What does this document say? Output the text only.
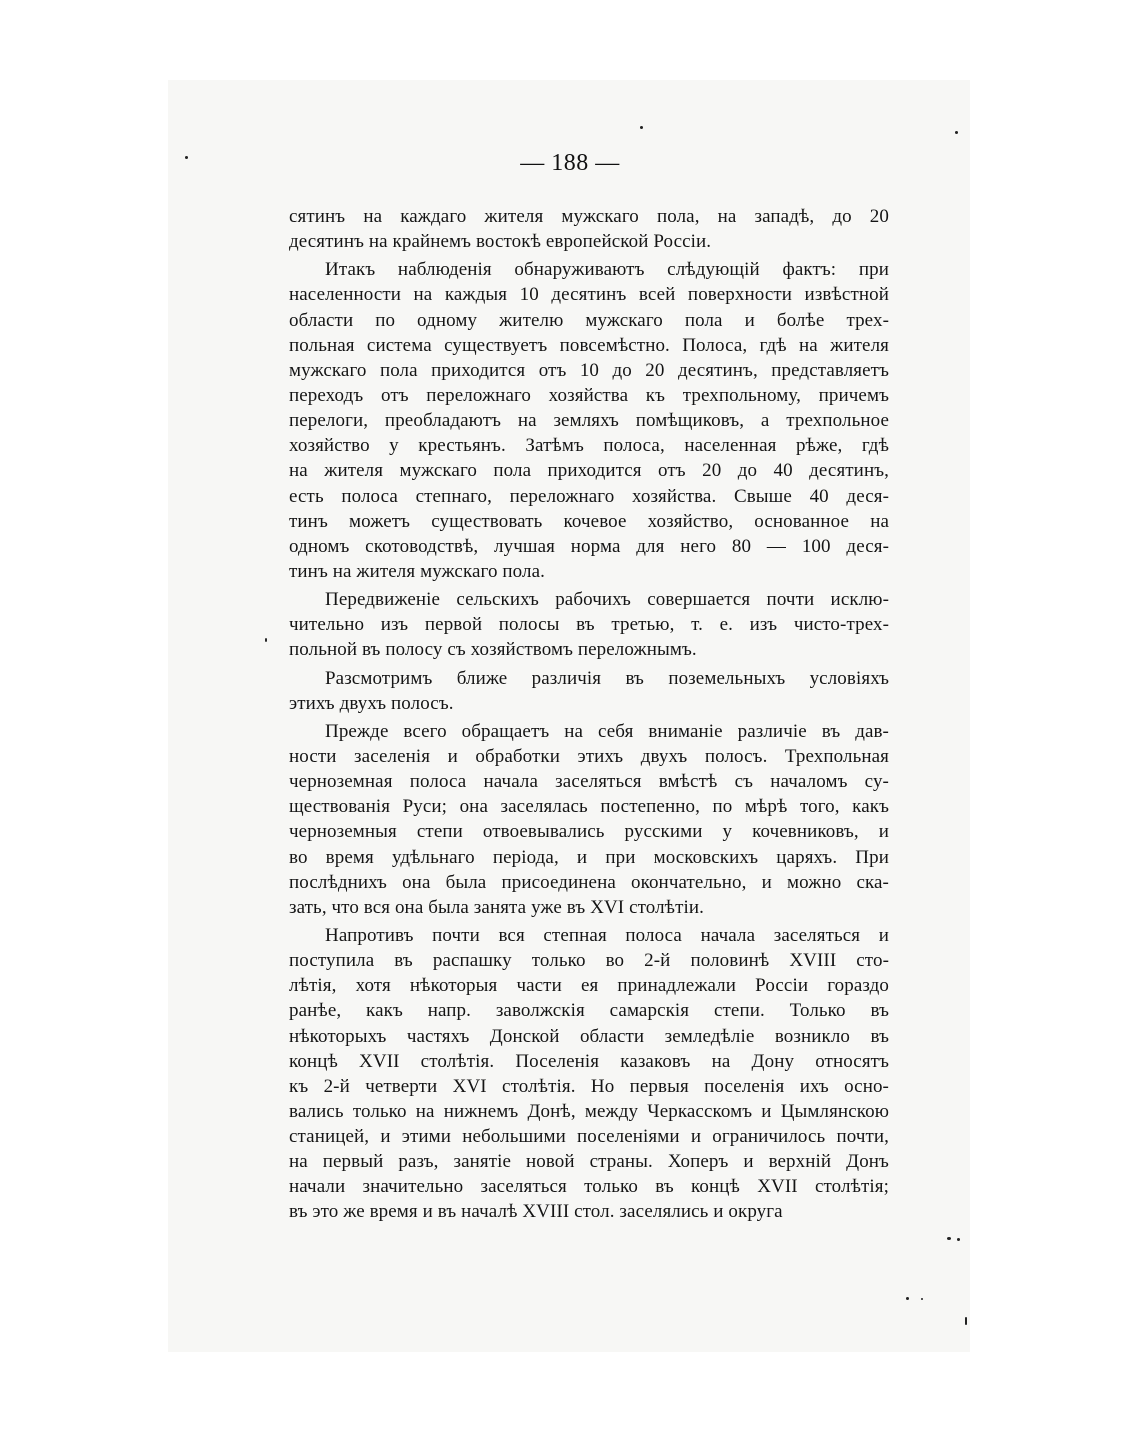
— 188 —
сятинъ на каждаго жителя мужскаго пола, на западѣ, до 20
десятинъ на крайнемъ востокѣ европейской Россіи.
Итакъ наблюденія обнаруживаютъ слѣдующій фактъ: при
населенности на каждыя 10 десятинъ всей поверхности извѣстной
области по одному жителю мужскаго пола и болѣе трех-
польная система существуетъ повсемѣстно. Полоса, гдѣ на жителя
мужскаго пола приходится отъ 10 до 20 десятинъ, представляетъ
переходъ отъ переложнаго хозяйства къ трехпольному, причемъ
перелоги, преобладаютъ на земляхъ помѣщиковъ, а трехпольное
хозяйство у крестьянъ. Затѣмъ полоса, населенная рѣже, гдѣ
на жителя мужскаго пола приходится отъ 20 до 40 десятинъ,
есть полоса степнаго, переложнаго хозяйства. Свыше 40 деся-
тинъ можетъ существовать кочевое хозяйство, основанное на
одномъ скотоводствѣ, лучшая норма для него 80 — 100 деся-
тинъ на жителя мужскаго пола.
Передвиженіе сельскихъ рабочихъ совершается почти исклю-
чительно изъ первой полосы въ третью, т. е. изъ чисто-трех-
польной въ полосу съ хозяйствомъ переложнымъ.
Разсмотримъ ближе различія въ поземельныхъ условіяхъ
этихъ двухъ полосъ.
Прежде всего обращаетъ на себя вниманіе различіе въ дав-
ности заселенія и обработки этихъ двухъ полосъ. Трехпольная
черноземная полоса начала заселяться вмѣстѣ съ началомъ су-
ществованія Руси; она заселялась постепенно, по мѣрѣ того, какъ
черноземныя степи отвоевывались русскими у кочевниковъ, и
во время удѣльнаго періода, и при московскихъ царяхъ. При
послѣднихъ она была присоединена окончательно, и можно ска-
зать, что вся она была занята уже въ XVI столѣтіи.
Напротивъ почти вся степная полоса начала заселяться и
поступила въ распашку только во 2-й половинѣ XVIII сто-
лѣтія, хотя нѣкоторыя части ея принадлежали Россіи гораздо
ранѣе, какъ напр. заволжскія самарскія степи. Только въ
нѣкоторыхъ частяхъ Донской области земледѣліе возникло въ
концѣ XVII столѣтія. Поселенія казаковъ на Дону относятъ
къ 2-й четверти XVI столѣтія. Но первыя поселенія ихъ осно-
вались только на нижнемъ Донѣ, между Черкасскомъ и Цымлянскою
станицей, и этими небольшими поселеніями и ограничилось почти,
на первый разъ, занятіе новой страны. Хоперъ и верхній Донъ
начали значительно заселяться только въ концѣ XVII столѣтія;
въ это же время и въ началѣ XVIII стол. заселялись и округа
